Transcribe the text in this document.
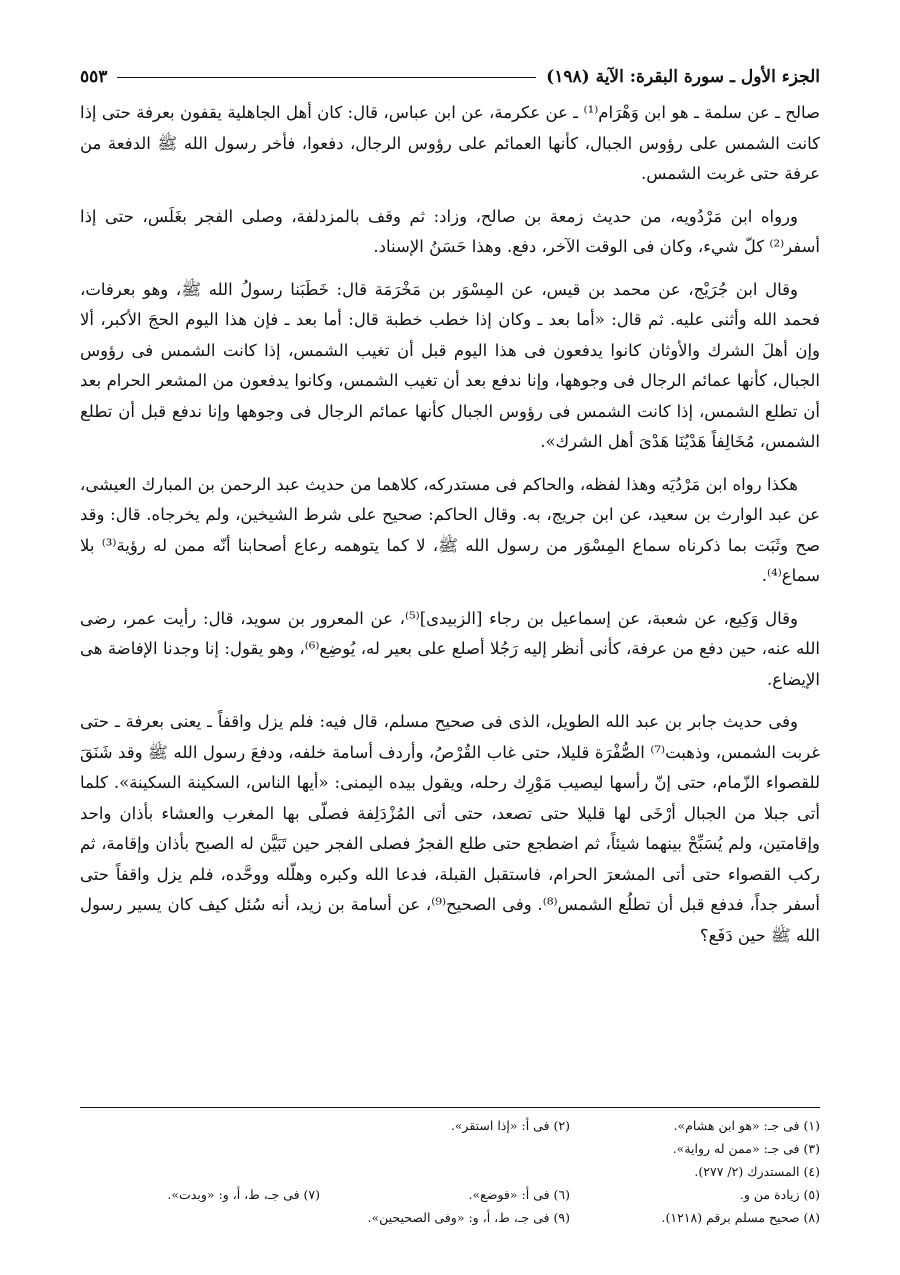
الجزء الأول ـ سورة البقرة: الآية (١٩٨)
٥٥٣

صالح ـ عن سلمة ـ هو ابن وَهْرَام⁽¹⁾ ـ عن عكرمة، عن ابن عباس، قال: كان أهل الجاهلية يقفون بعرفة حتى إذا كانت الشمس على رؤوس الجبال، كأنها العمائم على رؤوس الرجال، دفعوا، فأخر رسول الله ﷺ الدفعة من عرفة حتى غربت الشمس.

ورواه ابن مَرْدُويه، من حديث زمعة بن صالح، وزاد: ثم وقف بالمزدلفة، وصلى الفجر بغَلَس، حتى إذا أسفر⁽²⁾ كلّ شيء، وكان فى الوقت الآخر، دفع. وهذا حَسَنُ الإسناد.

وقال ابن جُرَيْج، عن محمد بن قيس، عن المِسْوَر بن مَخْرَمَة قال: خَطَبَنا رسولُ الله ﷺ، وهو بعرفات، فحمد الله وأثنى عليه. ثم قال: «أما بعد ـ وكان إذا خطب خطبة قال: أما بعد ـ فإن هذا اليوم الحجَ الأكبر، ألا وإن أهلَ الشرك والأوثان كانوا يدفعون فى هذا اليوم قبل أن تغيب الشمس، إذا كانت الشمس فى رؤوس الجبال، كأنها عمائم الرجال فى وجوهها، وإنا ندفع بعد أن تغيب الشمس، وكانوا يدفعون من المشعر الحرام بعد أن تطلع الشمس، إذا كانت الشمس فى رؤوس الجبال كأنها عمائم الرجال فى وجوهها وإنا ندفع قبل أن تطلع الشمس، مُخَالِفاً هَدْيُنَا هَدْىَ أهل الشرك».

هكذا رواه ابن مَرْدُيَه وهذا لفظه، والحاكم فى مستدركه، كلاهما من حديث عبد الرحمن بن المبارك العيشى، عن عبد الوارث بن سعيد، عن ابن جريج، به. وقال الحاكم: صحيح على شرط الشيخين، ولم يخرجاه. قال: وقد صح وثَبَت بما ذكرناه سماع المِسْوَر من رسول الله ﷺ، لا كما يتوهمه رعاع أصحابنا أنّه ممن له رؤية⁽³⁾ بلا سماع⁽⁴⁾.

وقال وَكِيع، عن شعبة، عن إسماعيل بن رجاء [الزبيدى]⁽⁵⁾، عن المعرور بن سويد، قال: رأيت عمر، رضى الله عنه، حين دفع من عرفة، كأنى أنظر إليه رَجُلا أصلع على بعير له، يُوضِع⁽⁶⁾، وهو يقول: إنا وجدنا الإفاضة هى الإيضاع.

وفى حديث جابر بن عبد الله الطويل، الذى فى صحيح مسلم، قال فيه: فلم يزل واقفاً ـ يعنى بعرفة ـ حتى غربت الشمس، وذهبت⁽⁷⁾ الصُّفْرَة قليلا، حتى غاب القُرْصُ، وأردف أسامة خلفه، ودفعَ رسول الله ﷺ وقد شَنَقَ للقصواء الزّمام، حتى إنّ رأسها ليصيب مَوْرِك رحله، ويقول بيده اليمنى: «أيها الناس، السكينة السكينة». كلما أتى جبلا من الجبال أرْخَى لها قليلا حتى تصعد، حتى أتى المُزْدَلِفة فصلّى بها المغرب والعشاء بأذان واحد وإقامتين، ولم يُسَبِّحْ بينهما شيئاً، ثم اضطجع حتى طلع الفجرُ فصلى الفجر حين تَبَيَّن له الصبح بأذان وإقامة، ثم ركب القصواء حتى أتى المشعرَ الحرام، فاستقبل القبلة، فدعا الله وكبره وهلّله ووحَّده، فلم يزل واقفاً حتى أسفر جداً، فدفع قبل أن تطلُع الشمس⁽⁸⁾. وفى الصحيح⁽⁹⁾، عن أسامة بن زيد، أنه سُئل كيف كان يسير رسول الله ﷺ حين دَفَع؟

(١) فى جـ: «هو ابن هشام».
(٢) فى أ: «إذا استقر».
(٣) فى جـ: «ممن له رواية».
(٤) المستدرك (٢/ ٢٧٧).
(٥) زيادة من و.
(٦) فى أ: «فوضع».
(٧) فى جـ، ط، أ، و: «وبدت».
(٨) صحيح مسلم برقم (١٢١٨).
(٩) فى جـ، ط، أ، و: «وفى الصحيحين».
